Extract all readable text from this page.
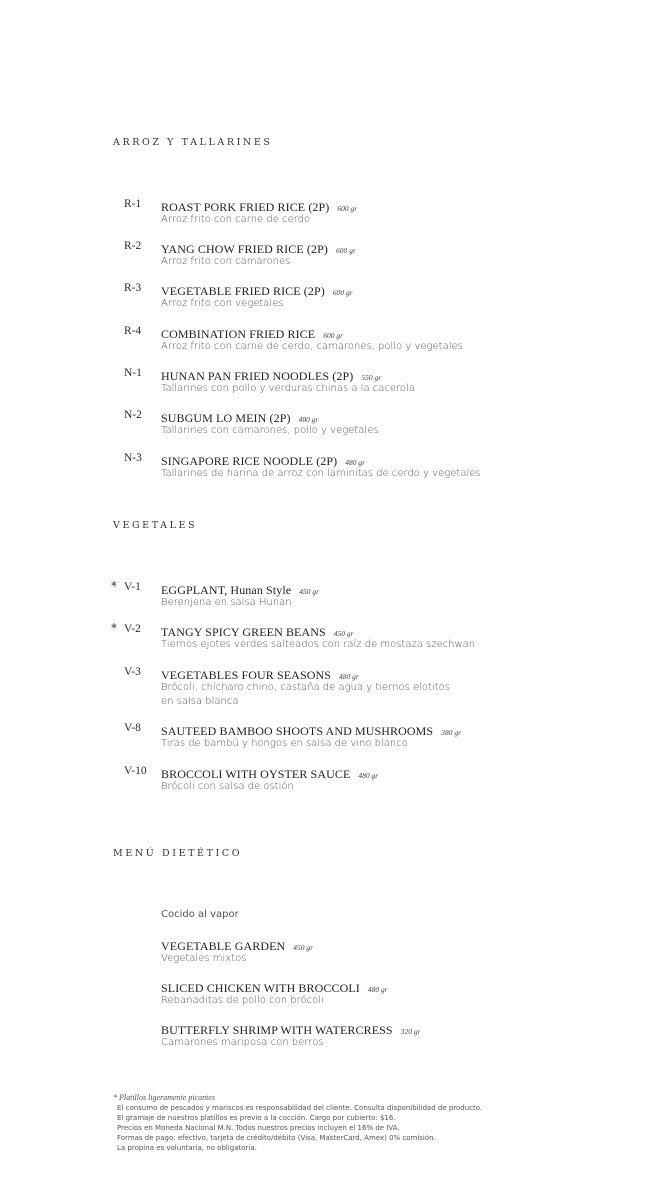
ARROZ Y TALLARINES
R-1 ROAST PORK FRIED RICE (2P) 600 gr
Arroz frito con carne de cerdo
R-2 YANG CHOW FRIED RICE (2P) 600 gr
Arroz frito con camarones
R-3 VEGETABLE FRIED RICE (2P) 600 gr
Arroz frito con vegetales
R-4 COMBINATION FRIED RICE 600 gr
Arroz frito con carne de cerdo, camarones, pollo y vegetales
N-1 HUNAN PAN FRIED NOODLES (2P) 550 gr
Tallarines con pollo y verduras chinas a la cacerola
N-2 SUBGUM LO MEIN (2P) 480 gr
Tallarines con camarones, pollo y vegetales
N-3 SINGAPORE RICE NOODLE (2P) 480 gr
Tallarines de harina de arroz con laminitas de cerdo y vegetales
VEGETALES
* V-1 EGGPLANT, Hunan Style 450 gr
Berenjena en salsa Hunan
* V-2 TANGY SPICY GREEN BEANS 450 gr
Tiernos ejotes verdes salteados con raíz de mostaza szechwan
V-3 VEGETABLES FOUR SEASONS 480 gr
Brócoli, chícharo chino, castaña de agua y tiernos elotitos
en salsa blanca
V-8 SAUTEED BAMBOO SHOOTS AND MUSHROOMS 380 gr
Tiras de bambú y hongos en salsa de vino blanco
V-10 BROCCOLI WITH OYSTER SAUCE 480 gr
Brócoli con salsa de ostión
MENÚ DIETÉTICO
Cocido al vapor
VEGETABLE GARDEN 450 gr
Vegetales mixtos
SLICED CHICKEN WITH BROCCOLI 480 gr
Rebanaditas de pollo con brócoli
BUTTERFLY SHRIMP WITH WATERCRESS 320 gr
Camarones mariposa con berros
* Platillos ligeramente picantes
El consumo de pescados y mariscos es responsabilidad del cliente. Consulta disponibilidad de producto.
El gramaje de nuestros platillos es previo a la cocción. Cargo por cubierto: $16.
Precios en Moneda Nacional M.N. Todos nuestros precios incluyen el 16% de IVA.
Formas de pago: efectivo, tarjeta de crédito/débito (Visa, MasterCard, Amex) 0% comisión.
La propina es voluntaria, no obligatoria.
